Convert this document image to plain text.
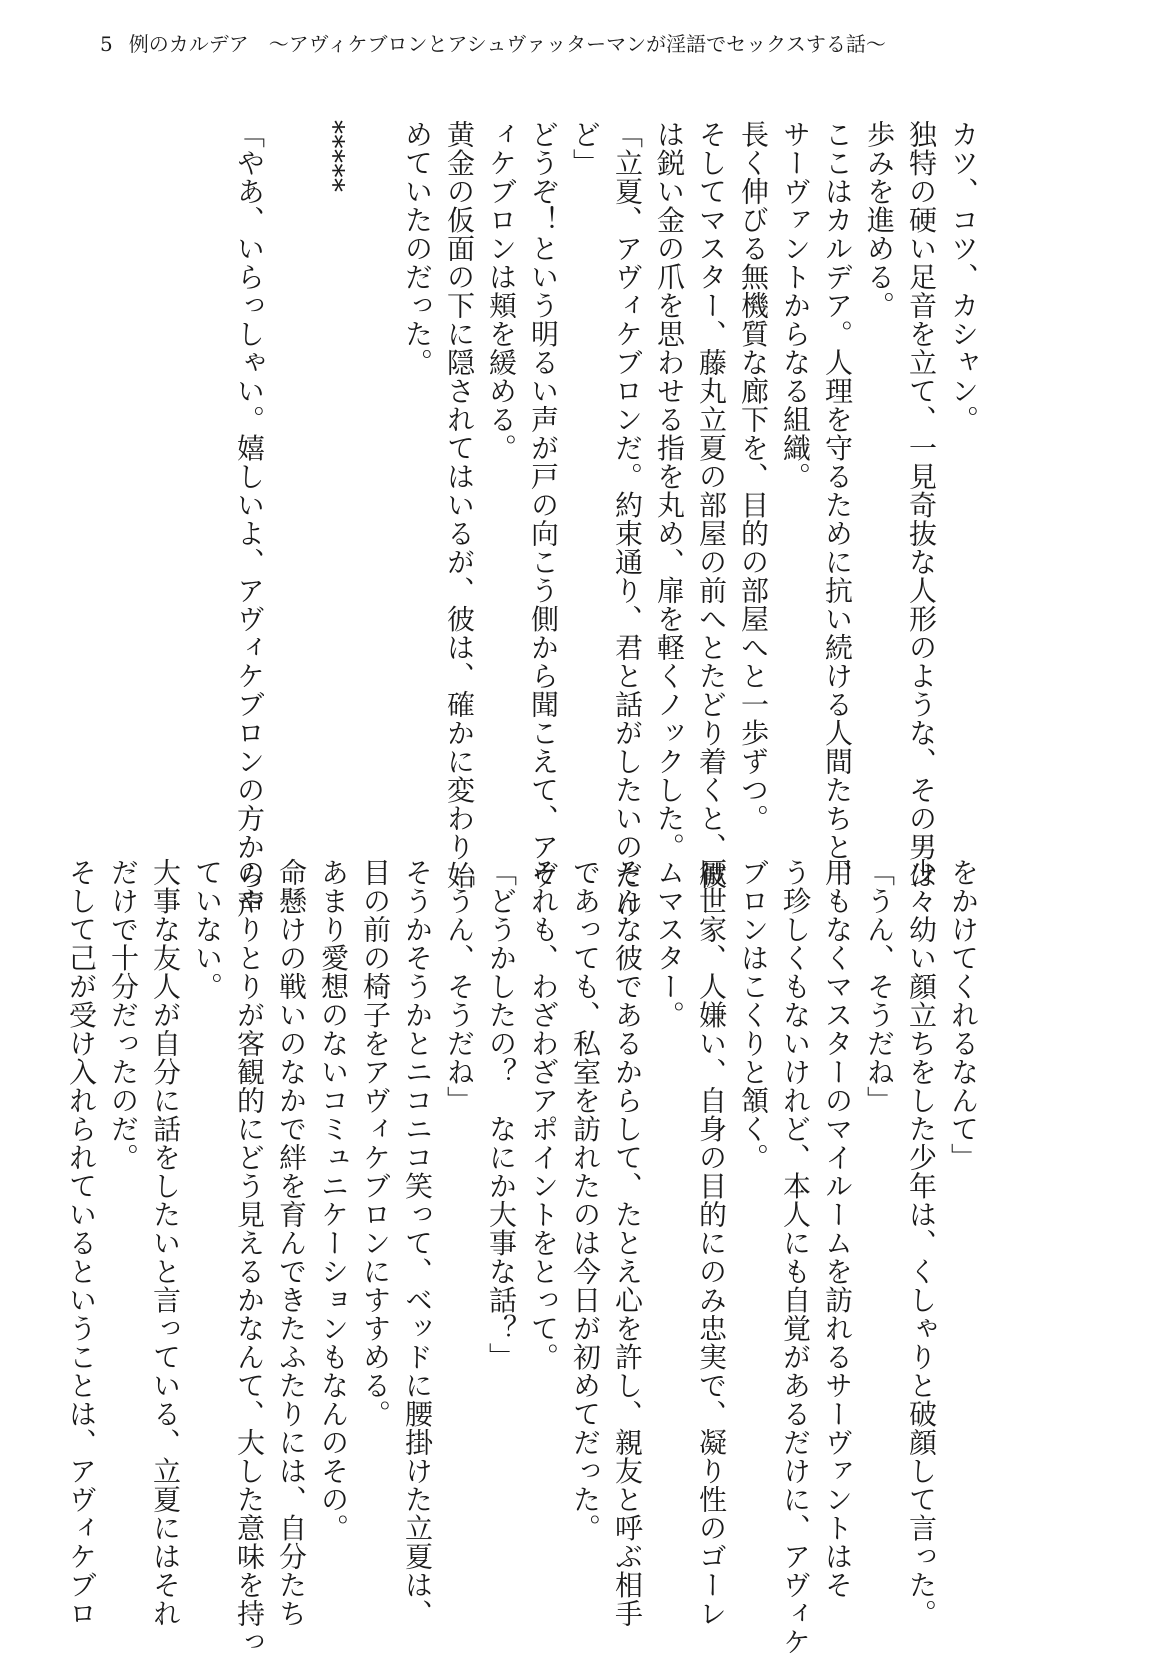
5 例のカルデア　〜アヴィケブロンとアシュヴァッターマンが淫語でセックスする話〜
カツ、コツ、カシャン。
独特の硬い足音を立て、一見奇抜な人形のような、その男は
歩みを進める。
ここはカルデア。人理を守るために抗い続ける人間たちと、
サーヴァントからなる組織。
長く伸びる無機質な廊下を、目的の部屋へと一歩ずつ。
そしてマスター、藤丸立夏の部屋の前へとたどり着くと、彼
は鋭い金の爪を思わせる指を丸め、扉を軽くノックした。
「立夏、アヴィケブロンだ。約束通り、君と話がしたいのだけ
ど」
どうぞ！という明るい声が戸の向こう側から聞こえて、アヴ
ィケブロンは頬を緩める。
黄金の仮面の下に隠されてはいるが、彼は、確かに変わり始
めていたのだった。

*****

「やあ、いらっしゃい。嬉しいよ、アヴィケブロンの方から声
をかけてくれるなんて」
少々幼い顔立ちをした少年は、くしゃりと破顔して言った。
「うん、そうだね」
用もなくマスターのマイルームを訪れるサーヴァントはそ
う珍しくもないけれど、本人にも自覚があるだけに、アヴィケ
ブロンはこくりと頷く。
厭世家、人嫌い、自身の目的にのみ忠実で、凝り性のゴーレ
ムマスター。
そんな彼であるからして、たとえ心を許し、親友と呼ぶ相手
であっても、私室を訪れたのは今日が初めてだった。
それも、わざわざアポイントをとって。
「どうかしたの？　なにか大事な話？」
「うん、そうだね」
そうかそうかとニコニコ笑って、ベッドに腰掛けた立夏は、
目の前の椅子をアヴィケブロンにすすめる。
あまり愛想のないコミュニケーションもなんのその。
命懸けの戦いのなかで絆を育んできたふたりには、自分たち
のやりとりが客観的にどう見えるかなんて、大した意味を持っ
ていない。
大事な友人が自分に話をしたいと言っている、立夏にはそれ
だけで十分だったのだ。
そして己が受け入れられているということは、アヴィケブロ
